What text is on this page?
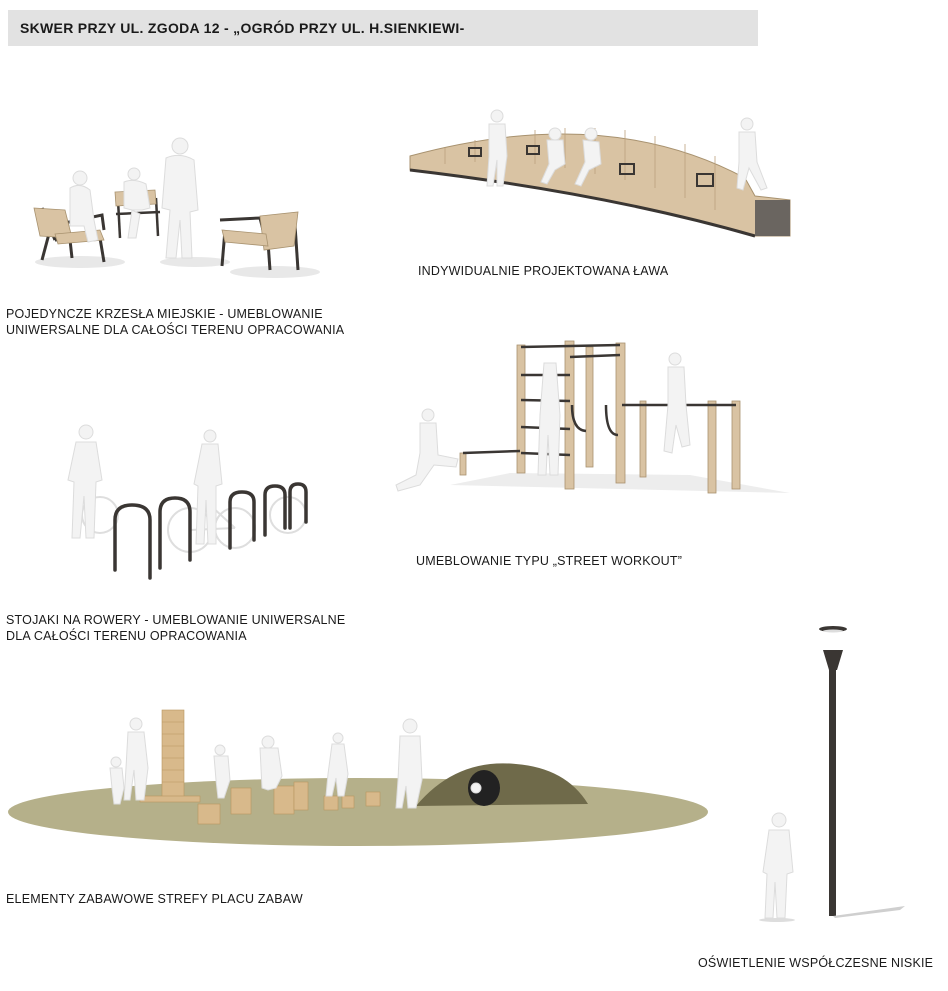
SKWER PRZY UL. ZGODA 12 - „OGRÓD PRZY UL. H.SIENKIEWI-
POJEDYNCZE KRZESŁA MIEJSKIE - UMEBLOWANIE
UNIWERSALNE DLA CAŁOŚCI TERENU OPRACOWANIA
INDYWIDUALNIE PROJEKTOWANA ŁAWA
STOJAKI NA ROWERY - UMEBLOWANIE UNIWERSALNE
DLA CAŁOŚCI TERENU OPRACOWANIA
UMEBLOWANIE TYPU „STREET WORKOUT”
ELEMENTY ZABAWOWE STREFY PLACU ZABAW
OŚWIETLENIE WSPÓŁCZESNE NISKIE
